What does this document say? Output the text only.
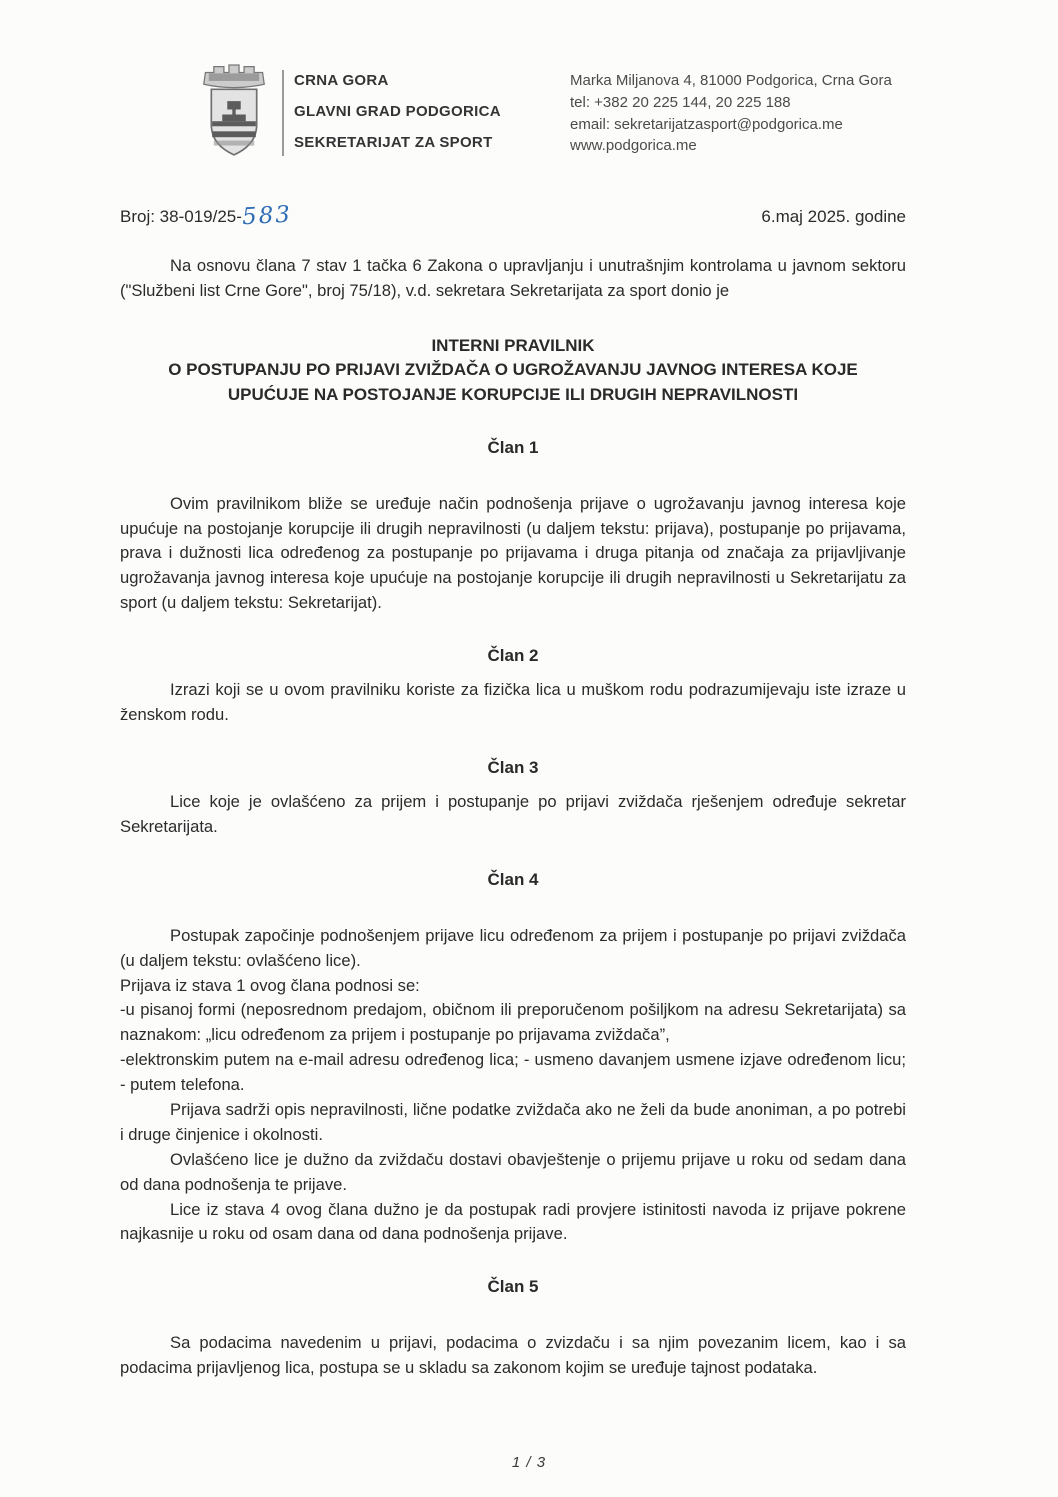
CRNA GORA
GLAVNI GRAD PODGORICA
SEKRETARIJAT ZA SPORT
Marka Miljanova 4, 81000 Podgorica, Crna Gora
tel: +382 20 225 144, 20 225 188
email: sekretarijatzasport@podgorica.me
www.podgorica.me
Broj: 38-019/25-583	6.maj 2025. godine

Na osnovu člana 7 stav 1 tačka 6 Zakona o upravljanju i unutrašnjim kontrolama u javnom sektoru ("Službeni list Crne Gore", broj 75/18), v.d. sekretara Sekretarijata za sport donio je

INTERNI PRAVILNIK
O POSTUPANJU PO PRIJAVI ZVIŽDAČA O UGROŽAVANJU JAVNOG INTERESA KOJE
UPUĆUJE NA POSTOJANJE KORUPCIJE ILI DRUGIH NEPRAVILNOSTI
Član 1

Ovim pravilnikom bliže se uređuje način podnošenja prijave o ugrožavanju javnog interesa koje upućuje na postojanje korupcije ili drugih nepravilnosti (u daljem tekstu: prijava), postupanje po prijavama, prava i dužnosti lica određenog za postupanje po prijavama i druga pitanja od značaja za prijavljivanje ugrožavanja javnog interesa koje upućuje na postojanje korupcije ili drugih nepravilnosti u Sekretarijatu za sport (u daljem tekstu: Sekretarijat).

Član 2

Izrazi koji se u ovom pravilniku koriste za fizička lica u muškom rodu podrazumijevaju iste izraze u ženskom rodu.

Član 3

Lice koje je ovlašćeno za prijem i postupanje po prijavi zviždača rješenjem određuje sekretar Sekretarijata.

Član 4

Postupak započinje podnošenjem prijave licu određenom za prijem i postupanje po prijavi zviždača (u daljem tekstu: ovlašćeno lice).

Prijava iz stava 1 ovog člana podnosi se:

-u pisanoj formi (neposrednom predajom, običnom ili preporučenom pošiljkom na adresu Sekretarijata) sa naznakom: „licu određenom za prijem i postupanje po prijavama zviždača”,

-elektronskim putem na e-mail adresu određenog lica; - usmeno davanjem usmene izjave određenom licu; - putem telefona.

Prijava sadrži opis nepravilnosti, lične podatke zviždača ako ne želi da bude anoniman, a po potrebi i druge činjenice i okolnosti.

Ovlašćeno lice je dužno da zviždaču dostavi obavještenje o prijemu prijave u roku od sedam dana od dana podnošenja te prijave.

Lice iz stava 4 ovog člana dužno je da postupak radi provjere istinitosti navoda iz prijave pokrene najkasnije u roku od osam dana od dana podnošenja prijave.

Član 5

Sa podacima navedenim u prijavi, podacima o zvizdaču i sa njim povezanim licem, kao i sa podacima prijavljenog lica, postupa se u skladu sa zakonom kojim se uređuje tajnost podataka.

1 / 3
